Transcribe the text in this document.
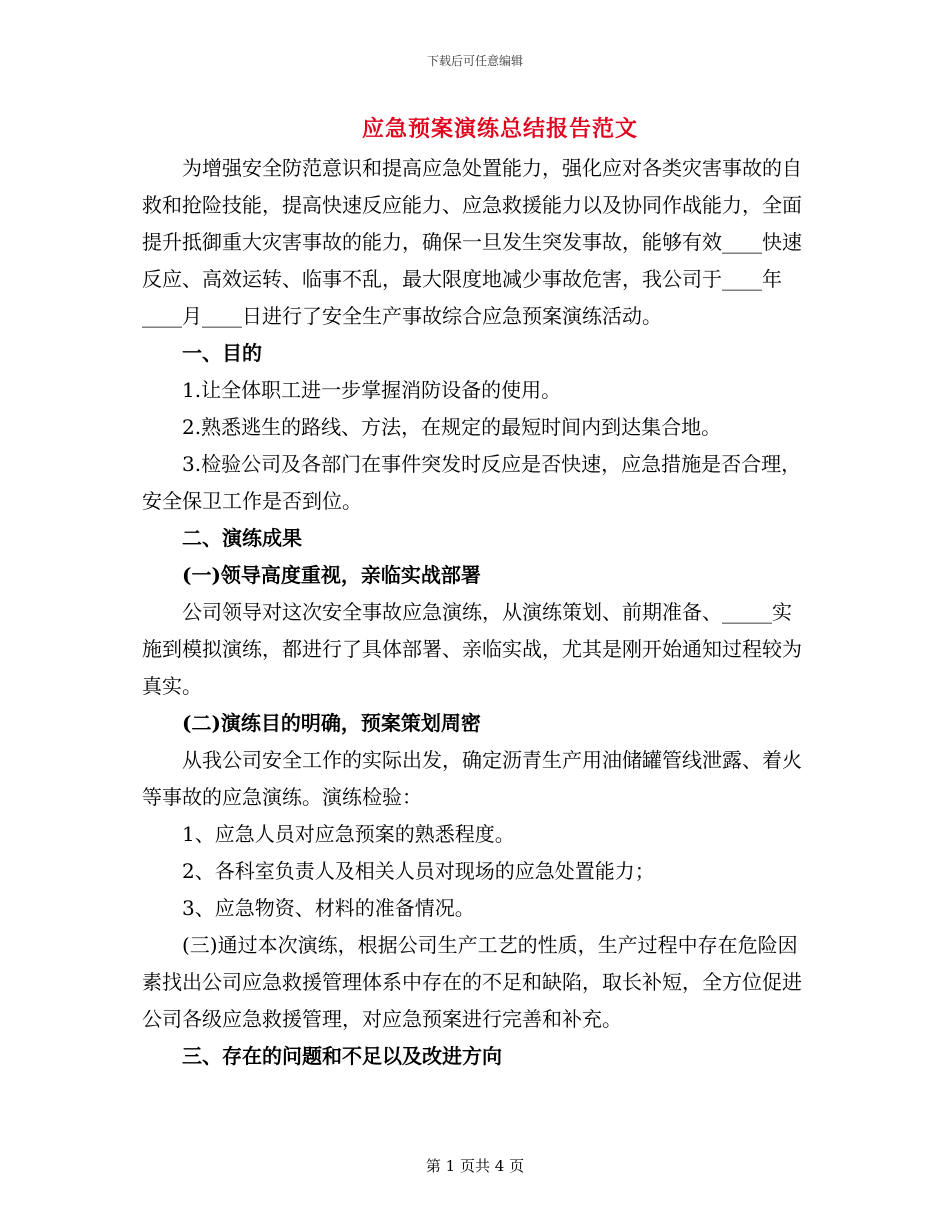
下载后可任意编辑
应急预案演练总结报告范文

为增强安全防范意识和提高应急处置能力，强化应对各类灾害事故的自救和抢险技能，提高快速反应能力、应急救援能力以及协同作战能力，全面提升抵御重大灾害事故的能力，确保一旦发生突发事故，能够有效____快速反应、高效运转、临事不乱，最大限度地减少事故危害，我公司于____年____月____日进行了安全生产事故综合应急预案演练活动。

一、目的

1.让全体职工进一步掌握消防设备的使用。

2.熟悉逃生的路线、方法，在规定的最短时间内到达集合地。

3.检验公司及各部门在事件突发时反应是否快速，应急措施是否合理，安全保卫工作是否到位。

二、演练成果

(一)领导高度重视，亲临实战部署

公司领导对这次安全事故应急演练，从演练策划、前期准备、_____实施到模拟演练，都进行了具体部署、亲临实战，尤其是刚开始通知过程较为真实。

(二)演练目的明确，预案策划周密

从我公司安全工作的实际出发，确定沥青生产用油储罐管线泄露、着火等事故的应急演练。演练检验：

1、应急人员对应急预案的熟悉程度。

2、各科室负责人及相关人员对现场的应急处置能力；

3、应急物资、材料的准备情况。

(三)通过本次演练，根据公司生产工艺的性质，生产过程中存在危险因素找出公司应急救援管理体系中存在的不足和缺陷，取长补短，全方位促进公司各级应急救援管理，对应急预案进行完善和补充。

三、存在的问题和不足以及改进方向

第 1 页共 4 页
